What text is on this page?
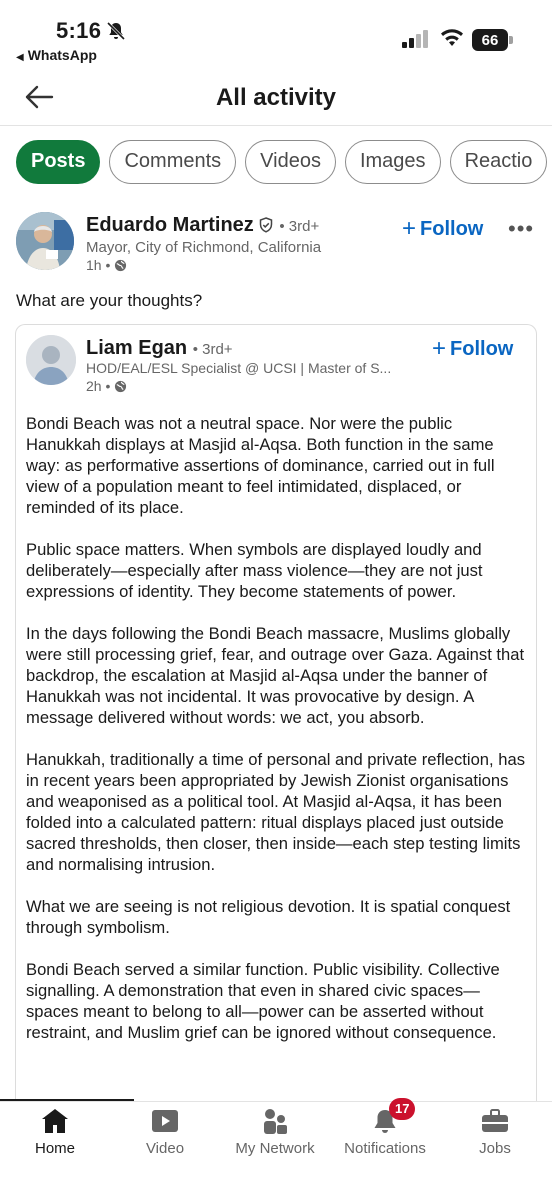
5:16
◀ WhatsApp
66
All activity
Posts Comments Videos Images Reactio
Eduardo Martinez • 3rd+
Mayor, City of Richmond, California
1h •
+ Follow •••
What are your thoughts?
Liam Egan • 3rd+
HOD/EAL/ESL Specialist @ UCSI | Master of S...
2h •
+ Follow

Bondi Beach was not a neutral space. Nor were the public Hanukkah displays at Masjid al-Aqsa. Both function in the same way: as performative assertions of dominance, carried out in full view of a population meant to feel intimidated, displaced, or reminded of its place.

Public space matters. When symbols are displayed loudly and deliberately—especially after mass violence—they are not just expressions of identity. They become statements of power.

In the days following the Bondi Beach massacre, Muslims globally were still processing grief, fear, and outrage over Gaza. Against that backdrop, the escalation at Masjid al-Aqsa under the banner of Hanukkah was not incidental. It was provocative by design. A message delivered without words: we act, you absorb.

Hanukkah, traditionally a time of personal and private reflection, has in recent years been appropriated by Jewish Zionist organisations and weaponised as a political tool. At Masjid al-Aqsa, it has been folded into a calculated pattern: ritual displays placed just outside sacred thresholds, then closer, then inside—each step testing limits and normalising intrusion.

What we are seeing is not religious devotion. It is spatial conquest through symbolism.

Bondi Beach served a similar function. Public visibility. Collective signalling. A demonstration that even in shared civic spaces—spaces meant to belong to all—power can be asserted without restraint, and Muslim grief can be ignored without consequence.

Home	Video	My Network
17
Notifications	Jobs
